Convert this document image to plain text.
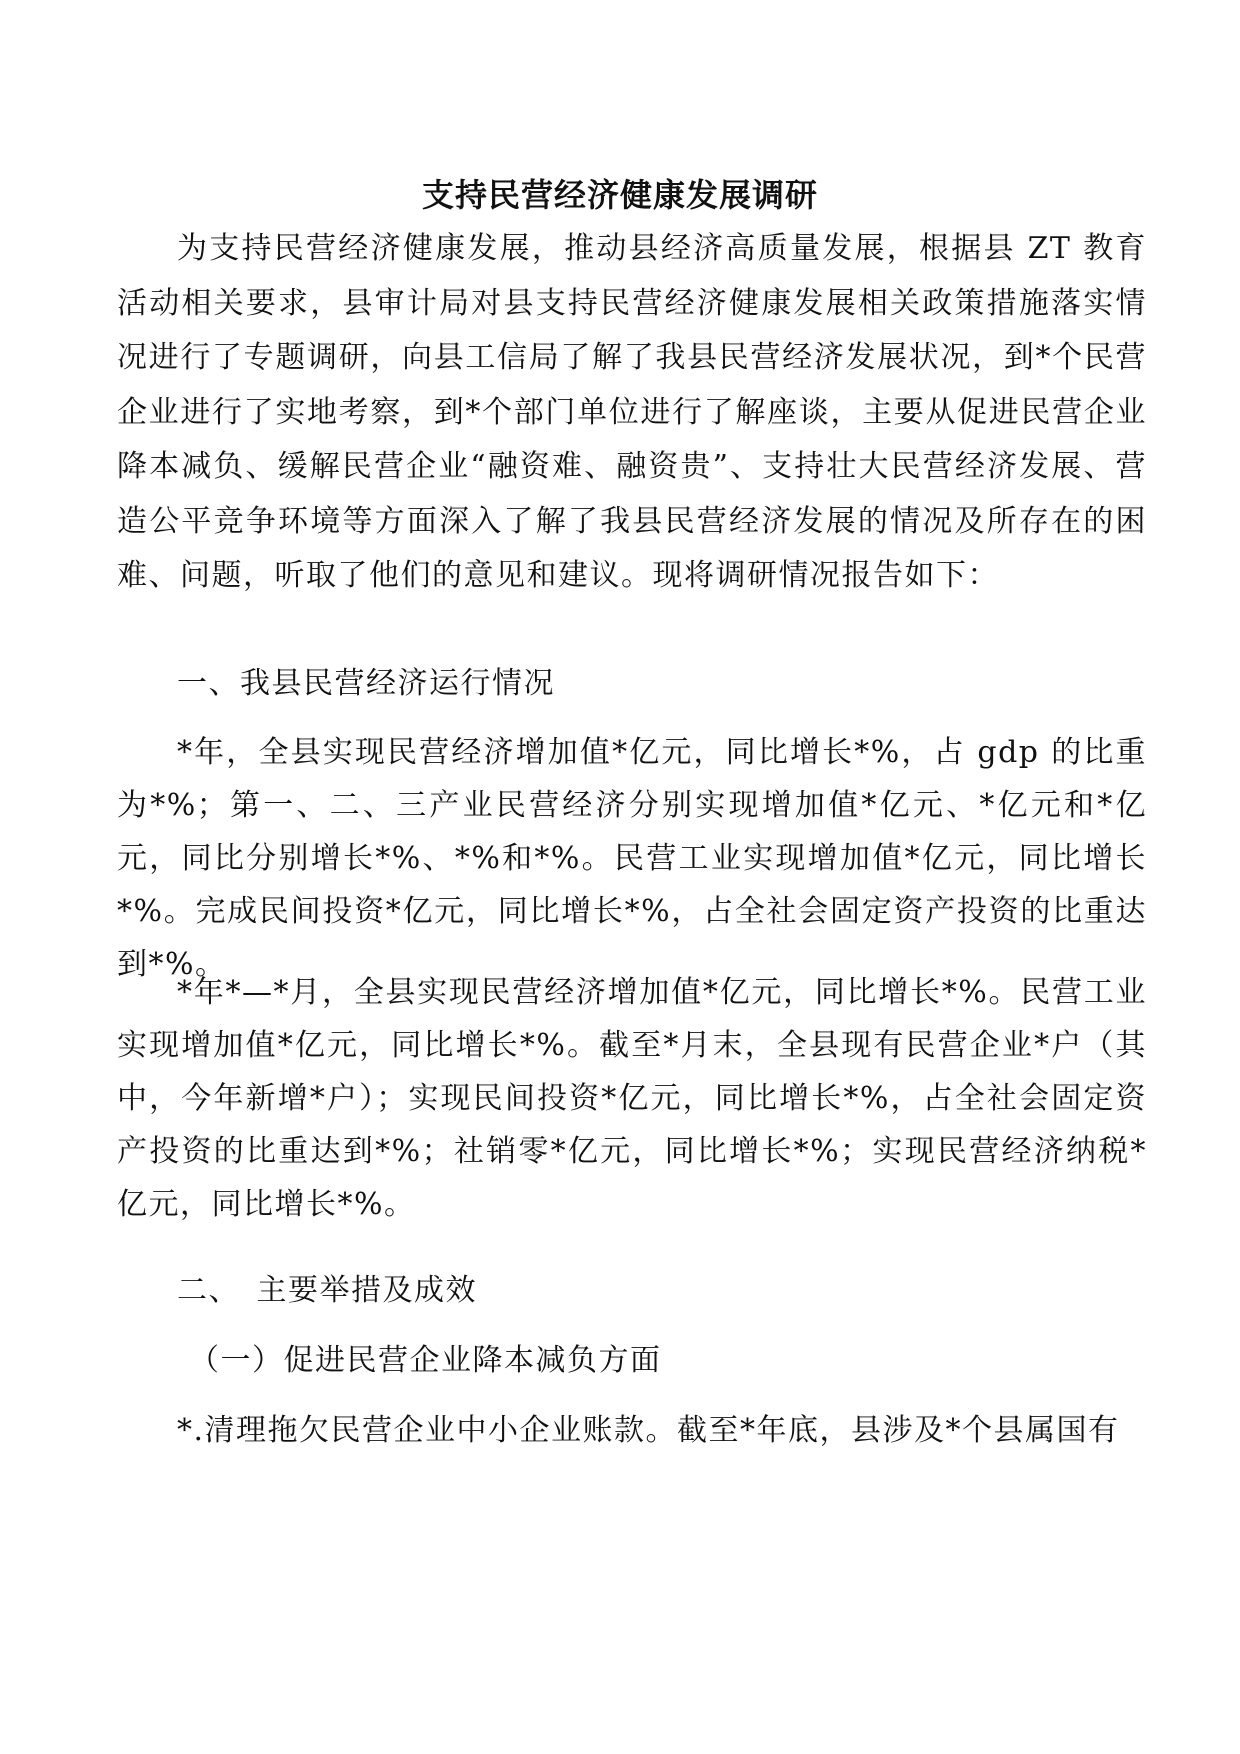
支持民营经济健康发展调研
为支持民营经济健康发展，推动县经济高质量发展，根据县 ZT 教育活动相关要求，县审计局对县支持民营经济健康发展相关政策措施落实情况进行了专题调研，向县工信局了解了我县民营经济发展状况，到*个民营企业进行了实地考察，到*个部门单位进行了解座谈，主要从促进民营企业降本减负、缓解民营企业“融资难、融资贵”、支持壮大民营经济发展、营造公平竞争环境等方面深入了解了我县民营经济发展的情况及所存在的困难、问题，听取了他们的意见和建议。现将调研情况报告如下：
一、我县民营经济运行情况
*年，全县实现民营经济增加值*亿元，同比增长*%，占 gdp 的比重为*%；第一、二、三产业民营经济分别实现增加值*亿元、*亿元和*亿元，同比分别增长*%、*%和*%。民营工业实现增加值*亿元，同比增长*%。完成民间投资*亿元，同比增长*%，占全社会固定资产投资的比重达到*%。
*年*—*月，全县实现民营经济增加值*亿元，同比增长*%。民营工业实现增加值*亿元，同比增长*%。截至*月末，全县现有民营企业*户（其中，今年新增*户）；实现民间投资*亿元，同比增长*%，占全社会固定资产投资的比重达到*%；社销零*亿元，同比增长*%；实现民营经济纳税*亿元，同比增长*%。
二、　主要举措及成效
（一）促进民营企业降本减负方面
*.清理拖欠民营企业中小企业账款。截至*年底，县涉及*个县属国有
